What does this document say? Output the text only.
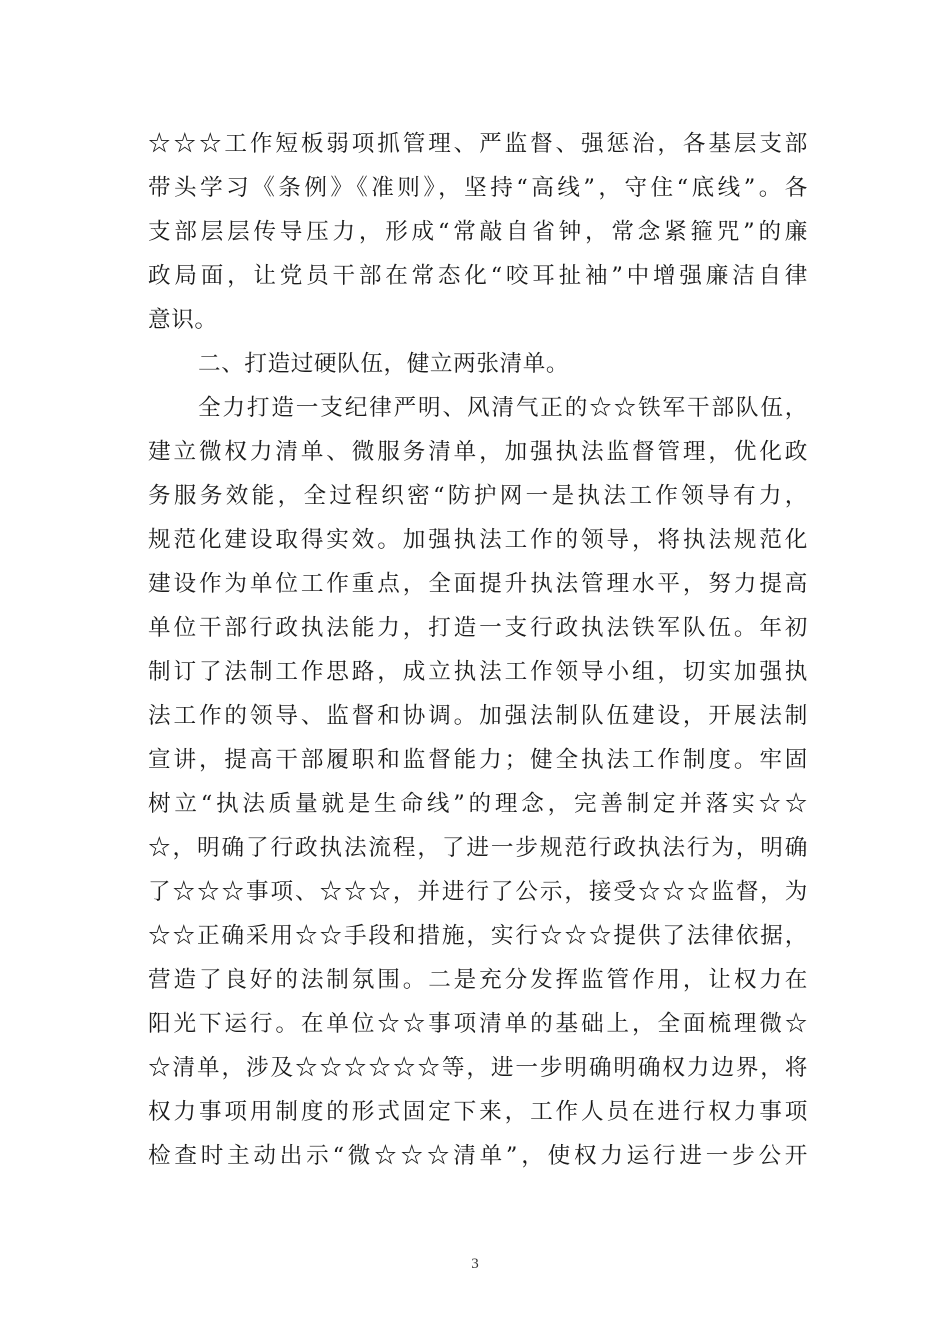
☆☆☆工作短板弱项抓管理、严监督、强惩治，各基层支部
带头学习《条例》《准则》，坚持“高线”，守住“底线”。各
支部层层传导压力，形成“常敲自省钟，常念紧箍咒”的廉
政局面，让党员干部在常态化“咬耳扯袖”中增强廉洁自律
意识。
二、打造过硬队伍，健立两张清单。
全力打造一支纪律严明、风清气正的☆☆铁军干部队伍，
建立微权力清单、微服务清单，加强执法监督管理，优化政
务服务效能，全过程织密“防护网一是执法工作领导有力，
规范化建设取得实效。加强执法工作的领导，将执法规范化
建设作为单位工作重点，全面提升执法管理水平，努力提高
单位干部行政执法能力，打造一支行政执法铁军队伍。年初
制订了法制工作思路，成立执法工作领导小组，切实加强执
法工作的领导、监督和协调。加强法制队伍建设，开展法制
宣讲，提高干部履职和监督能力；健全执法工作制度。牢固
树立“执法质量就是生命线”的理念，完善制定并落实☆☆
☆，明确了行政执法流程，了进一步规范行政执法行为，明确
了☆☆☆事项、☆☆☆，并进行了公示，接受☆☆☆监督，为
☆☆正确采用☆☆手段和措施，实行☆☆☆提供了法律依据，
营造了良好的法制氛围。二是充分发挥监管作用，让权力在
阳光下运行。在单位☆☆事项清单的基础上，全面梳理微☆
☆清单，涉及☆☆☆☆☆☆等，进一步明确明确权力边界，将
权力事项用制度的形式固定下来，工作人员在进行权力事项
检查时主动出示“微☆☆☆清单”，使权力运行进一步公开
3
